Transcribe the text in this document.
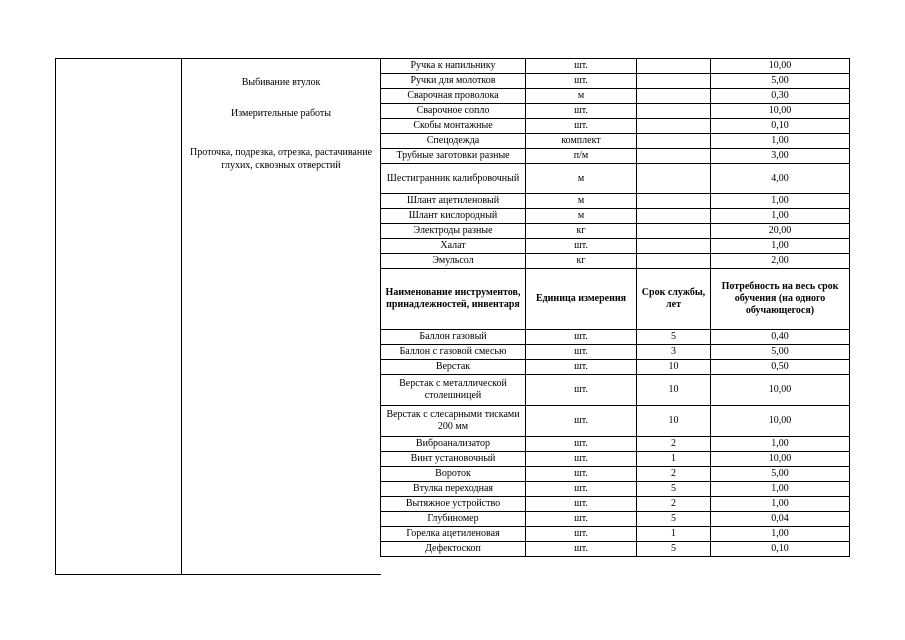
Выбивание втулок
Измерительные работы
Проточка, подрезка, отрезка, растачивание глухих, сквозных отверстий
Ручка к напильнику	шт.		10,00
Ручки для молотков	шт.		5,00
Сварочная проволока	м		0,30
Сварочное сопло	шт.		10,00
Скобы монтажные	шт.		0,10
Спецодежда	комплект		1,00
Трубные заготовки разные	п/м		3,00
Шестигранник калибровочный	м		4,00
Шлант ацетиленовый	м		1,00
Шлант кислородный	м		1,00
Электроды разные	кг		20,00
Халат	шт.		1,00
Эмульсол	кг		2,00
Наименование инструментов, принадлежностей, инвентаря	Единица измерения	Срок службы, лет	Потребность на весь срок обучения (на одного обучающегося)
Баллон газовый	шт.	5	0,40
Баллон с газовой смесью	шт.	3	5,00
Верстак	шт.	10	0,50
Верстак с металлической столешницей	шт.	10	10,00
Верстак с слесарными тисками 200 мм	шт.	10	10,00
Виброанализатор	шт.	2	1,00
Винт установочный	шт.	1	10,00
Вороток	шт.	2	5,00
Втулка переходная	шт.	5	1,00
Вытяжное устройство	шт.	2	1,00
Глубиномер	шт.	5	0,04
Горелка ацетиленовая	шт.	1	1,00
Дефектоскоп	шт.	5	0,10
